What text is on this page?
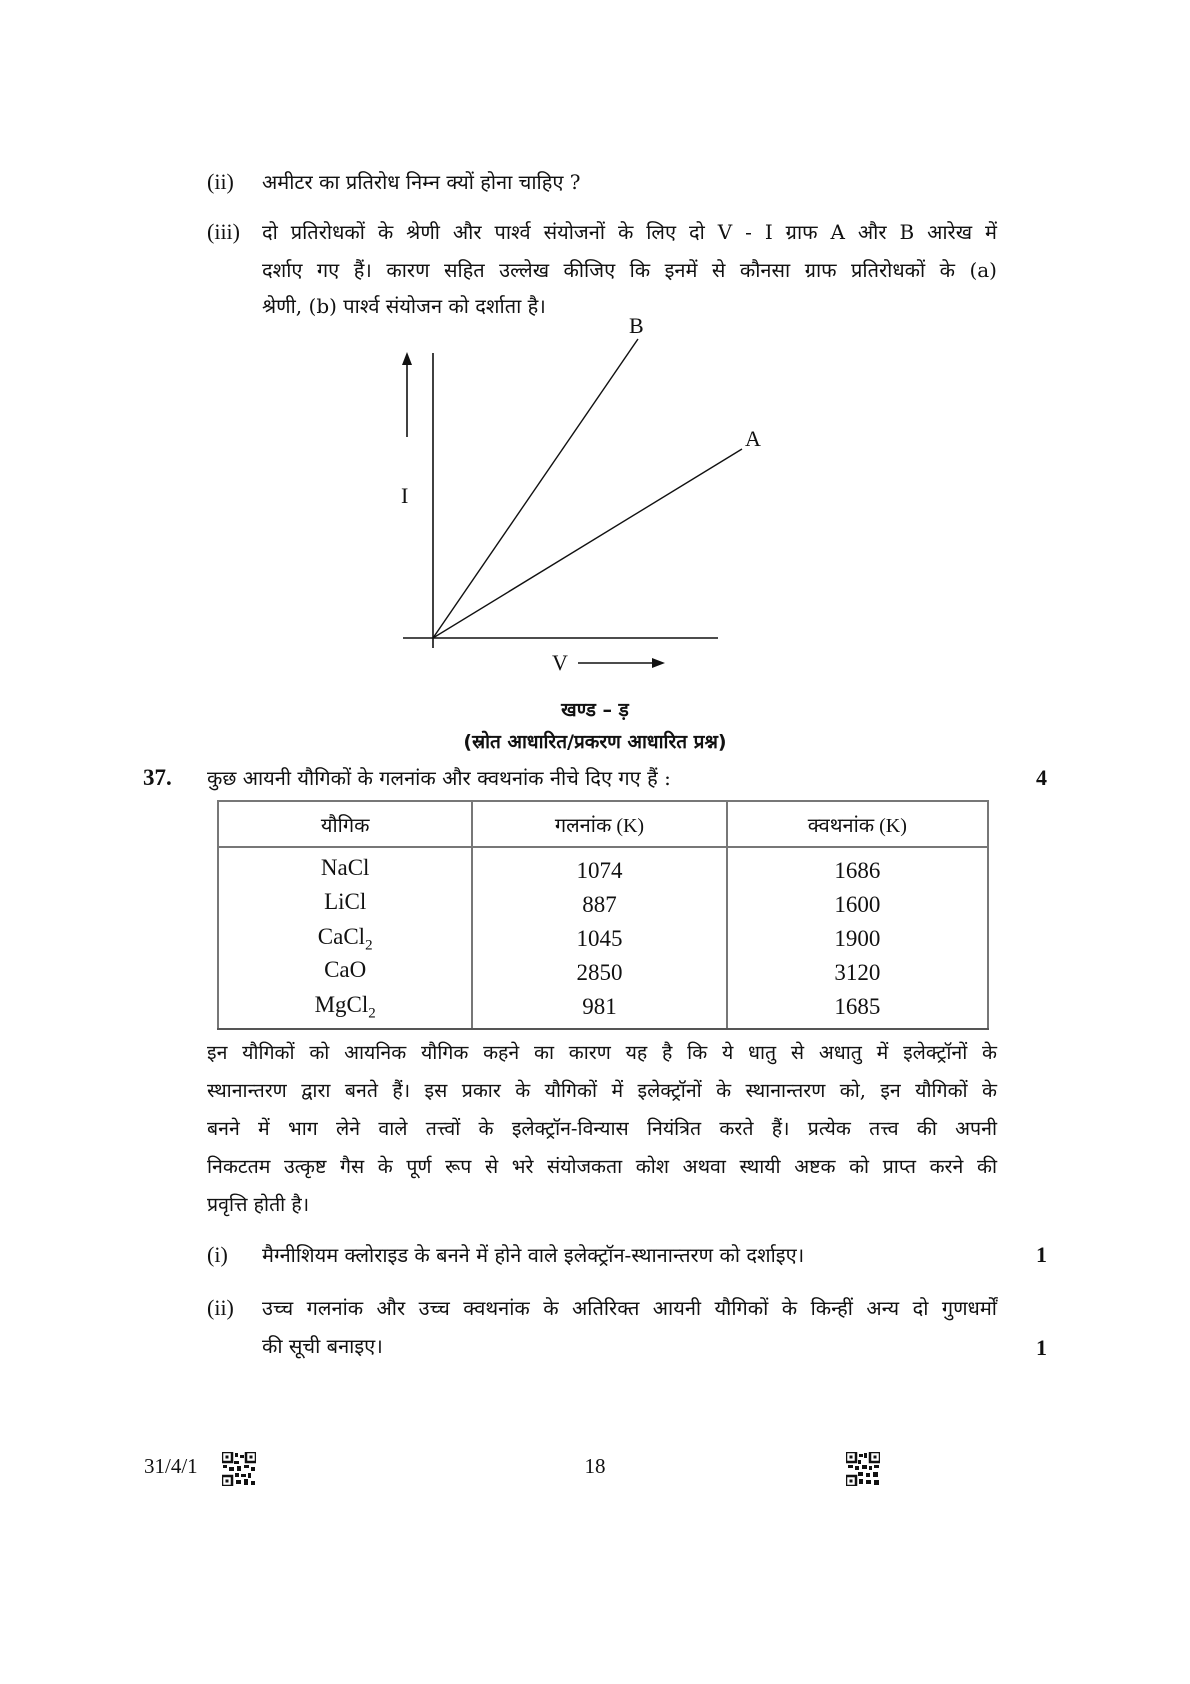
(ii) अमीटर का प्रतिरोध निम्न क्यों होना चाहिए ?
(iii) दो प्रतिरोधकों के श्रेणी और पार्श्व संयोजनों के लिए दो V - I ग्राफ A और B आरेख में
दर्शाए गए हैं। कारण सहित उल्लेख कीजिए कि इनमें से कौनसा ग्राफ प्रतिरोधकों के (a)
श्रेणी, (b) पार्श्व संयोजन को दर्शाता है।
I
V
B
A
खण्ड – ड़
(स्रोत आधारित/प्रकरण आधारित प्रश्न)
37. कुछ आयनी यौगिकों के गलनांक और क्वथनांक नीचे दिए गए हैं :	4
यौगिक	गलनांक (K)	क्वथनांक (K)
NaCl	1074	1686
LiCl	887	1600
CaCl$_2$	1045	1900
CaO	2850	3120
MgCl$_2$	981	1685
इन यौगिकों को आयनिक यौगिक कहने का कारण यह है कि ये धातु से अधातु में इलेक्ट्रॉनों के
स्थानान्तरण द्वारा बनते हैं। इस प्रकार के यौगिकों में इलेक्ट्रॉनों के स्थानान्तरण को, इन यौगिकों के
बनने में भाग लेने वाले तत्त्वों के इलेक्ट्रॉन-विन्यास नियंत्रित करते हैं। प्रत्येक तत्त्व की अपनी
निकटतम उत्कृष्ट गैस के पूर्ण रूप से भरे संयोजकता कोश अथवा स्थायी अष्टक को प्राप्त करने की
प्रवृत्ति होती है।
(i) मैग्नीशियम क्लोराइड के बनने में होने वाले इलेक्ट्रॉन-स्थानान्तरण को दर्शाइए।	1
(ii) उच्च गलनांक और उच्च क्वथनांक के अतिरिक्त आयनी यौगिकों के किन्हीं अन्य दो गुणधर्मों
की सूची बनाइए।	1
31/4/1	18
